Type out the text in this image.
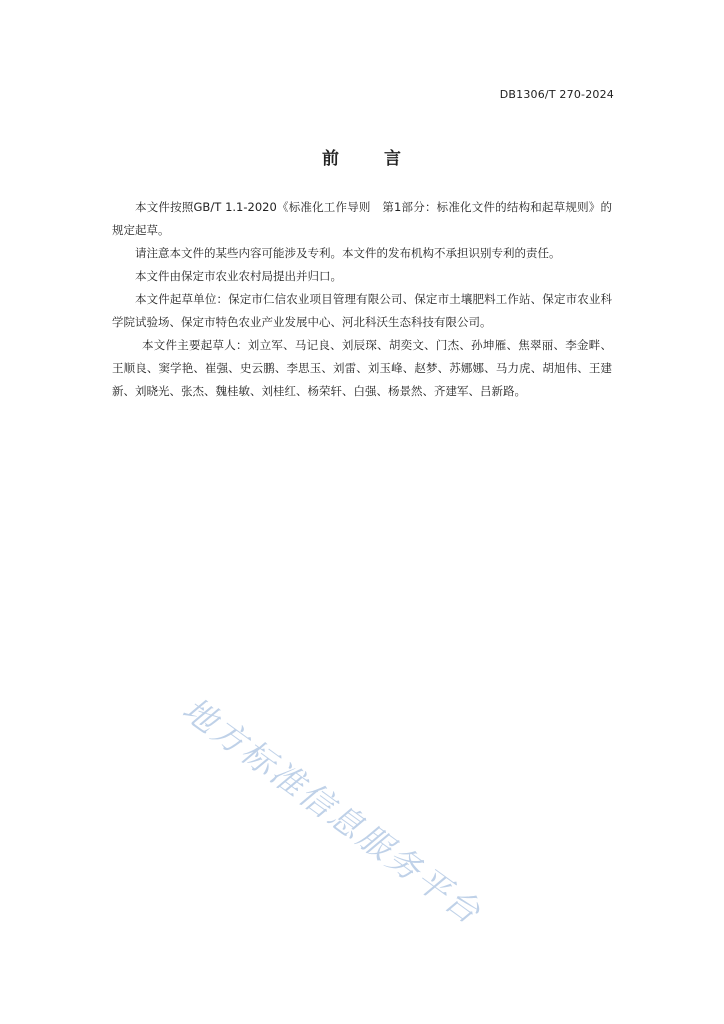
DB1306/T 270-2024
前	言

本文件按照GB/T 1.1-2020《标准化工作导则　第1部分：标准化文件的结构和起草规则》的规定起草。

请注意本文件的某些内容可能涉及专利。本文件的发布机构不承担识别专利的责任。

本文件由保定市农业农村局提出并归口。

本文件起草单位：保定市仁信农业项目管理有限公司、保定市土壤肥料工作站、保定市农业科学院试验场、保定市特色农业产业发展中心、河北科沃生态科技有限公司。

本文件主要起草人：刘立军、马记良、刘辰琛、胡奕文、门杰、孙坤雁、焦翠丽、李金畔、王顺良、窦学艳、崔强、史云鹏、李思玉、刘雷、刘玉峰、赵梦、苏娜娜、马力虎、胡旭伟、王建新、刘晓光、张杰、魏桂敏、刘桂红、杨荣轩、白强、杨景然、齐建军、吕新路。

地方标准信息服务平台
